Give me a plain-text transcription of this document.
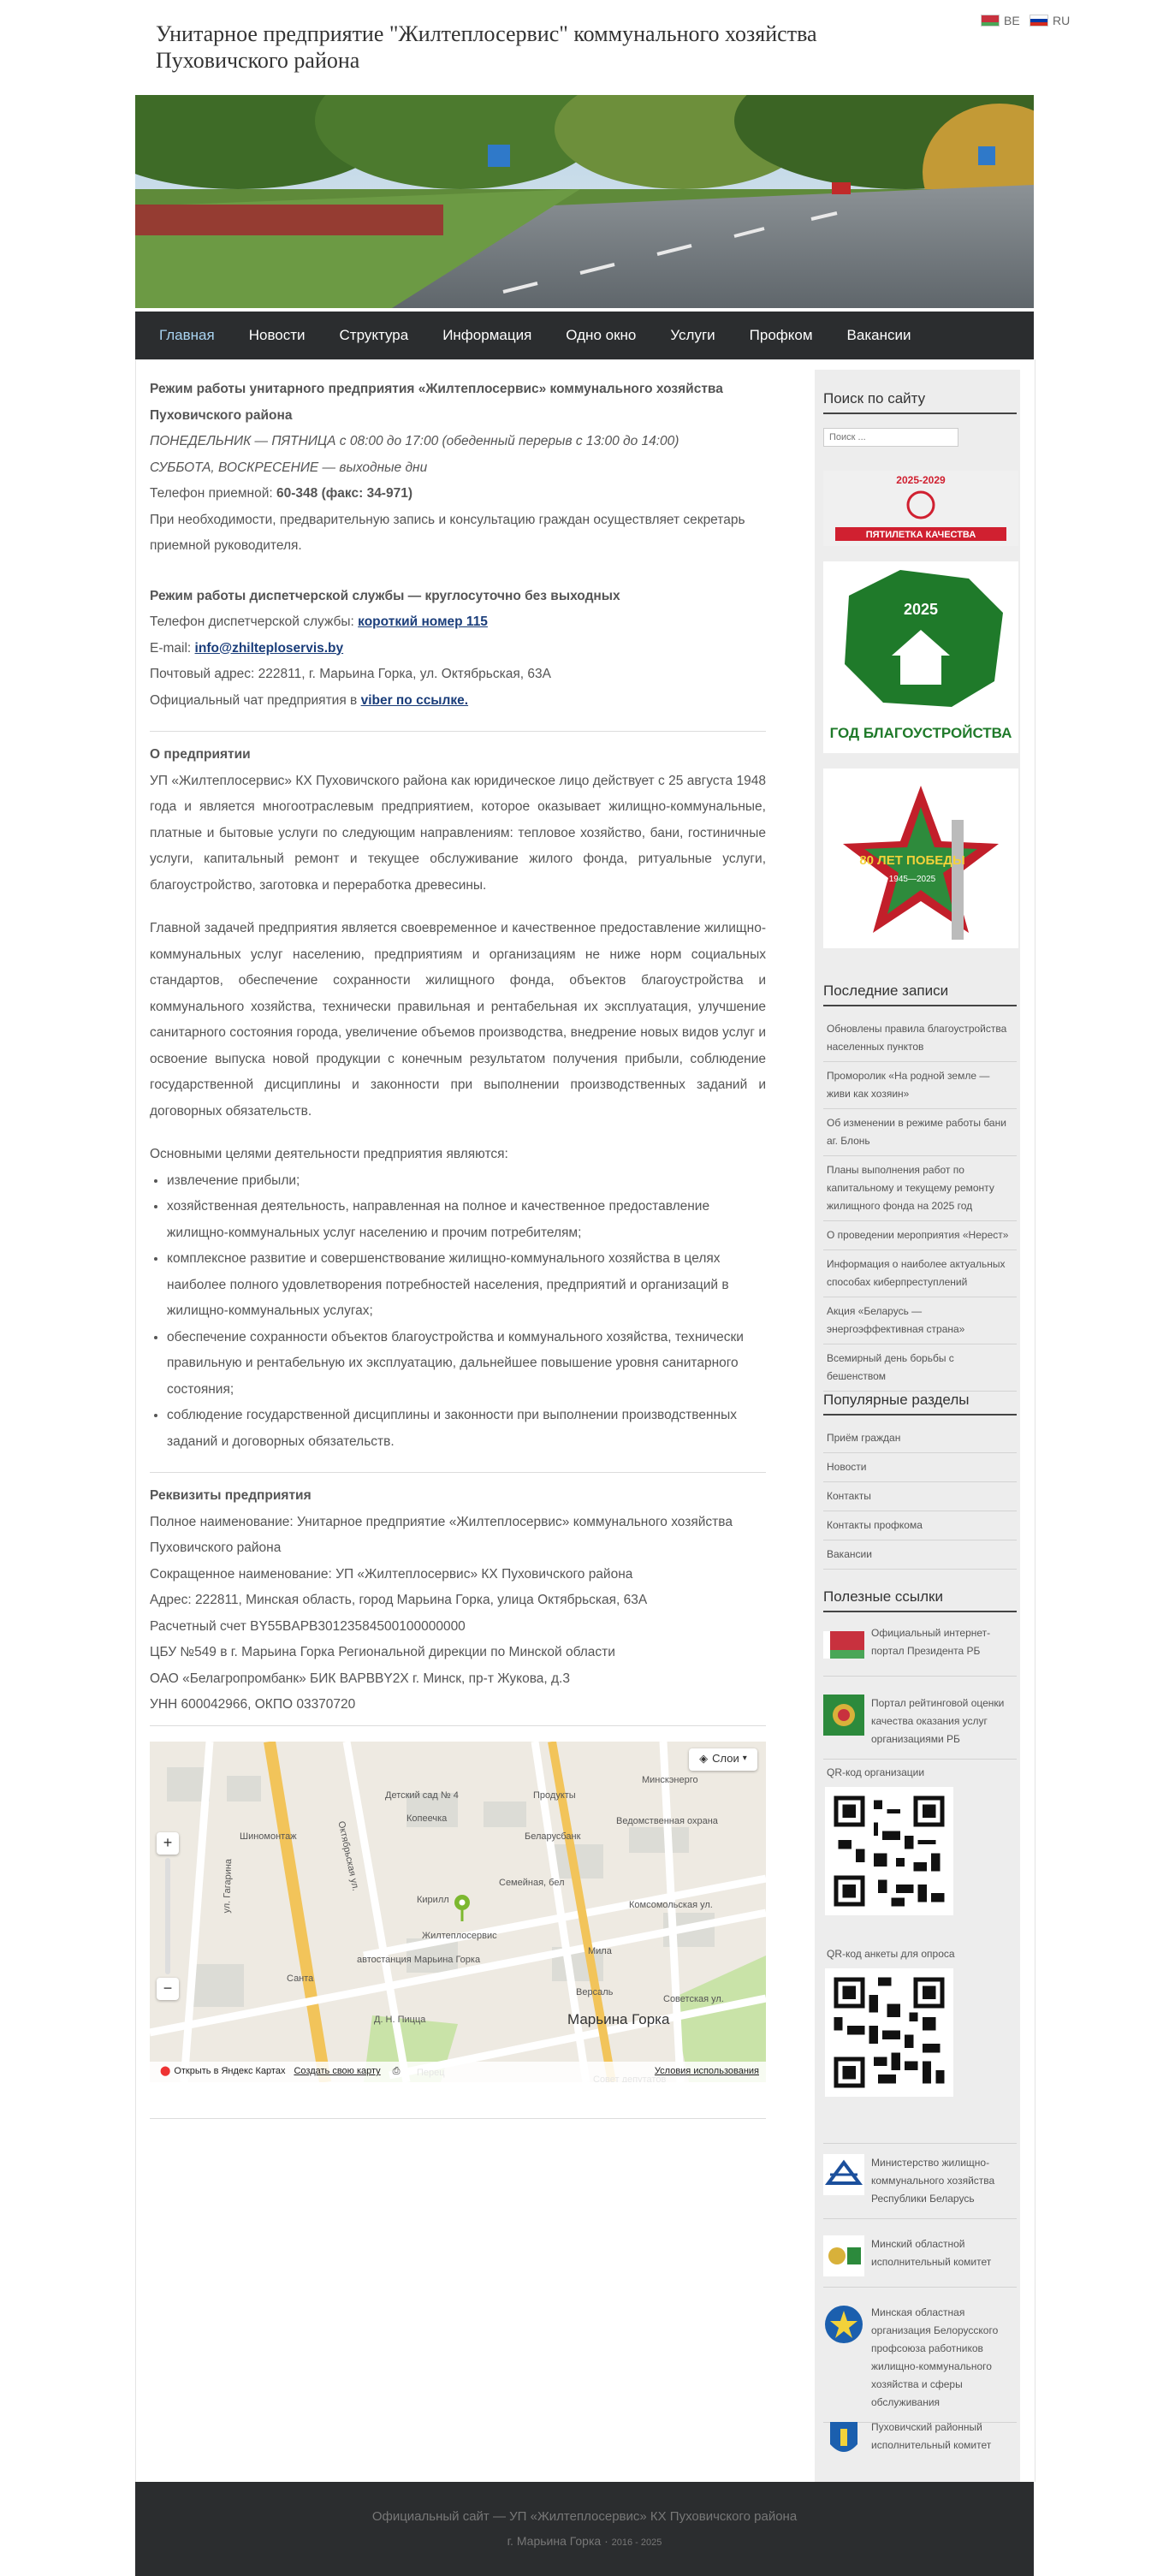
Унитарное предприятие "Жилтеплосервис" коммунального хозяйства Пуховичского района
BE	RU
Главная	Новости	Структура	Информация	Одно окно	Услуги	Профком	Вакансии

Режим работы унитарного предприятия «Жилтеплосервис» коммунального хозяйства Пуховичского района

ПОНЕДЕЛЬНИК — ПЯТНИЦА с 08:00 до 17:00 (обеденный перерыв с 13:00 до 14:00)

СУББОТА, ВОСКРЕСЕНИЕ — выходные дни

Телефон приемной: 60-348 (факс: 34-971)

При необходимости, предварительную запись и консультацию граждан осуществляет секретарь приемной руководителя.

Режим работы диспетчерской службы — круглосуточно без выходных

Телефон диспетчерской службы: короткий номер 115

E-mail: info@zhilteploservis.by

Почтовый адрес: 222811, г. Марьина Горка, ул. Октябрьская, 63А

Официальный чат предприятия в viber по ссылке.

О предприятии

УП «Жилтеплосервис» КХ Пуховичского района как юридическое лицо действует с 25 августа 1948 года и является многоотраслевым предприятием, которое оказывает жилищно-коммунальные, платные и бытовые услуги по следующим направлениям: тепловое хозяйство, бани, гостиничные услуги, капитальный ремонт и текущее обслуживание жилого фонда, ритуальные услуги, благоустройство, заготовка и переработка древесины.

Главной задачей предприятия является своевременное и качественное предоставление жилищно-коммунальных услуг населению, предприятиям и организациям не ниже норм социальных стандартов, обеспечение сохранности жилищного фонда, объектов благоустройства и коммунального хозяйства, технически правильная и рентабельная их эксплуатация, улучшение санитарного состояния города, увеличение объемов производства, внедрение новых видов услуг и освоение выпуска новой продукции с конечным результатом получения прибыли, соблюдение государственной дисциплины и законности при выполнении производственных заданий и договорных обязательств.

Основными целями деятельности предприятия являются:

• извлечение прибыли;
• хозяйственная деятельность, направленная на полное и качественное предоставление жилищно-коммунальных услуг населению и прочим потребителям;
• комплексное развитие и совершенствование жилищно-коммунального хозяйства в целях наиболее полного удовлетворения потребностей населения, предприятий и организаций в жилищно-коммунальных услугах;
• обеспечение сохранности объектов благоустройства и коммунального хозяйства, технически правильную и рентабельную их эксплуатацию, дальнейшее повышение уровня санитарного состояния;
• соблюдение государственной дисциплины и законности при выполнении производственных заданий и договорных обязательств.

Реквизиты предприятия

Полное наименование: Унитарное предприятие «Жилтеплосервис» коммунального хозяйства Пуховичского района

Сокращенное наименование: УП «Жилтеплосервис» КХ Пуховичского района

Адрес: 222811, Минская область, город Марьина Горка, улица Октябрьская, 63А

Расчетный счет BY55BAPB30123584500100000000

ЦБУ №549 в г. Марьина Горка Региональной дирекции по Минской области

ОАО «Белагропромбанк» БИК BAPBBY2X г. Минск, пр-т Жукова, д.3

УНН 600042966, ОКПО 03370720

Детский сад № 4	Продукты
Минскэнерго
Шиномонтаж
Копеечка
Беларусбанк
Ведомственная охрана
Семейная, бел
Кирилл
Жилтеплосервис
автостанция Марьина Горка
Мила
Санта
Версаль
Д. Н. Пицца
Комсомольская ул.
Советская ул.
Октябрьская ул.
ул. Гагарина
Марьина Горка
◈ Слои ▾
+
−
⬤ Открыть в Яндекс Картах Создать свою карту ⎙	Условия использования
Поиск по сайту
Поиск ...
2025-2029
ПЯТИЛЕТКА КАЧЕСТВА
2025
ГОД БЛАГОУСТРОЙСТВА
80 ЛЕТ ПОБЕДЫ
1945—2025
Последние записи
Обновлены правила благоустройства населенных пунктов
Проморолик «На родной земле — живи как хозяин»
Об изменении в режиме работы бани аг. Блонь
Планы выполнения работ по капитальному и текущему ремонту жилищного фонда на 2025 год
О проведении мероприятия «Нерест»
Информация о наиболее актуальных способах киберпреступлений
Акция «Беларусь — энергоэффективная страна»
Всемирный день борьбы с бешенством
Популярные разделы
Приём граждан
Новости
Контакты
Контакты профкома
Вакансии
Полезные ссылки
Официальный интернет-портал Президента РБ
Портал рейтинговой оценки качества оказания услуг организациями РБ
QR-код организации
QR-код анкеты для опроса
Министерство жилищно-коммунального хозяйства Республики Беларусь
Минский областной исполнительный комитет
Минская областная организация Белорусского профсоюза работников жилищно-коммунального хозяйства и сферы обслуживания
Пуховичский районный исполнительный комитет
Официальный сайт — УП «Жилтеплосервис» КХ Пуховичского района
г. Марьина Горка · 2016 - 2025
